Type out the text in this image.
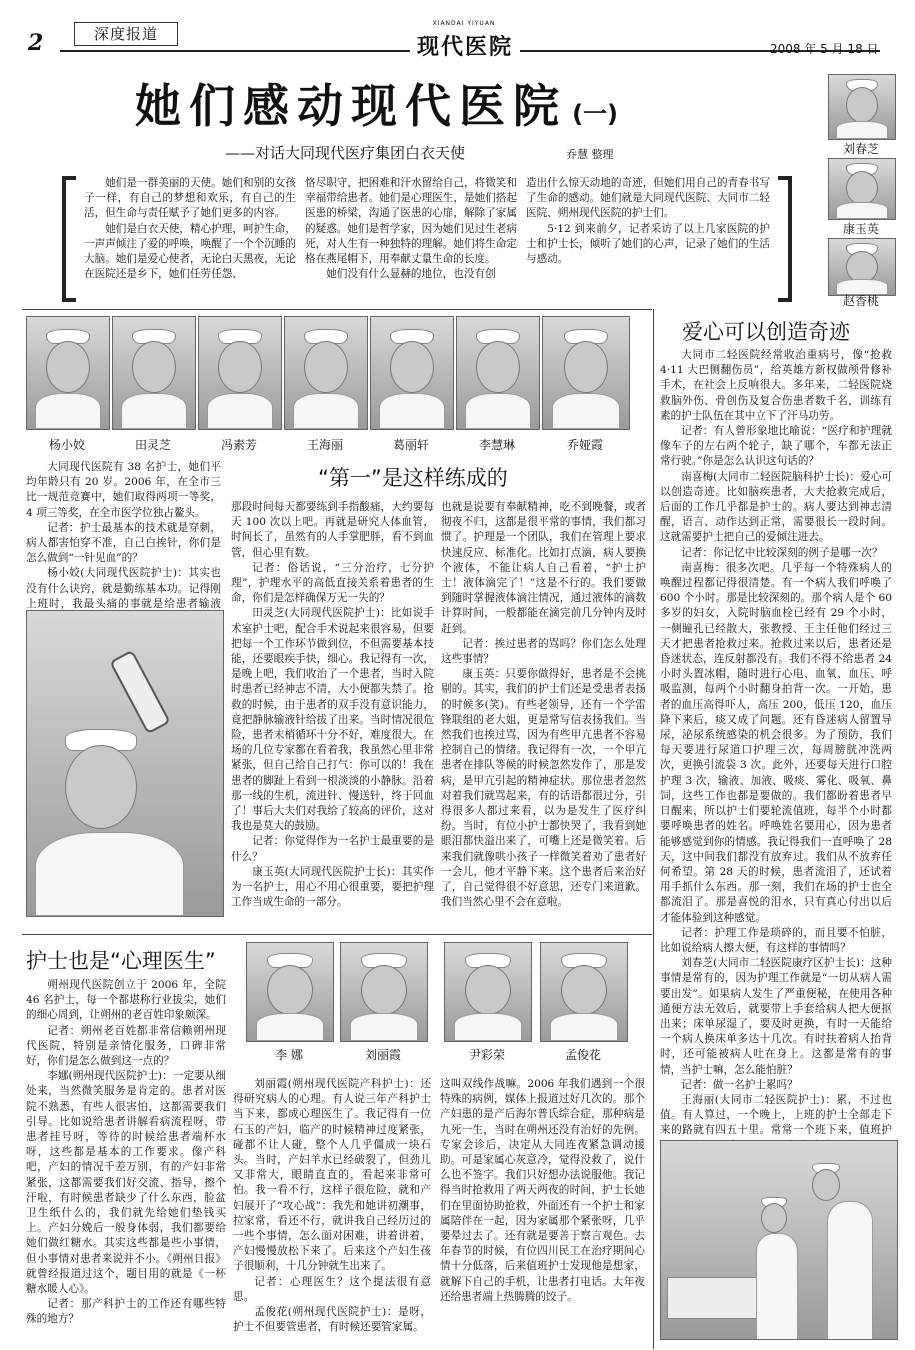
2	深度报道
XIANDAI YIYUAN
现代医院	2008 年 5 月 18 日
她们感动现代医院 (一)
——对话大同现代医疗集团白衣天使	乔慧 整理

她们是一群美丽的天使。她们和别的女孩子一样，有自己的梦想和欢乐，有自己的生活，但生命与责任赋予了她们更多的内容。

她们是白衣天使，精心护理，呵护生命，一声声倾注了爱的呼唤，唤醒了一个个沉睡的大脑。她们是爱心使者，无论白天黑夜，无论在医院还是乡下，她们任劳任怨、

恪尽职守，把困难和汗水留给自己，将微笑和幸福带给患者。她们是心理医生，是她们搭起医患的桥梁，沟通了医患的心扉，解除了家属的疑惑。她们是哲学家，因为她们见过生老病死，对人生有一种独特的理解。她们将生命定格在燕尾帽下，用奉献丈量生命的长度。

她们没有什么显赫的地位，也没有创

造出什么惊天动地的奇迹，但她们用自己的青春书写了生命的感动。她们就是大同现代医院、大同市二轻医院、朔州现代医院的护士们。

5·12 到来前夕，记者采访了以上几家医院的护士和护士长，倾听了她们的心声，记录了她们的生活与感动。

刘春芝
康玉英
赵香桃
杨小姣	田灵芝	冯素芳	王海丽	葛丽轩	李慧琳	乔娅霞
“第一”是这样练成的

大同现代医院有 38 名护士，她们平均年龄只有 20 岁。2006 年，在全市三比一规范竞赛中，她们取得两项一等奖，4 项三等奖，在全市医学位独占鳌头。

记者：护士最基本的技术就是穿刺，病人都害怕穿不准，自己白挨针，你们是怎么做到“一针见血”的？

杨小姣(大同现代医院护士)：其实也没有什么诀窍，就是勤练基本功。记得刚上班时，我最头痛的事就是给患者输液

那段时间每天都要练到手指酸痛，大约要每天 100 次以上吧。再就是研究人体血管，时间长了，虽然有的人手掌肥胖，看不到血管，但心里有数。

记者：俗话说，“三分治疗，七分护理”，护理水平的高低直接关系着患者的生命，你们是怎样确保万无一失的？

田灵芝(大同现代医院护士)：比如说手术室护士吧，配合手术说起来很容易，但要把每一个工作环节做到位，不但需要基本技能，还要眼疾手快，细心。我记得有一次，是晚上吧，我们收治了一个患者，当时入院时患者已经神志不清，大小便都失禁了。抢救的时候，由于患者的双手没有意识能力，竟把静脉输液针给拔了出来。当时情况很危险，患者末梢循环十分不好，难度很大。在场的几位专家都在看着我，我虽然心里非常紧张，但自己给自己打气：你可以的！我在患者的脚趾上看到一根淡淡的小静脉。沿着那一线的生机，流进针、慢送针，终于回血了！事后大夫们对我给了较高的评价，这对我也是莫大的鼓励。

记者：你觉得作为一名护士最重要的是什么？

康玉英(大同现代医院护士长)：其实作为一名护士，用心不用心很重要，要把护理工作当成生命的一部分。

也就是说要有奉献精神，吃不到晚餐，或者彻夜不归，这都是很平常的事情，我们都习惯了。护理是一个团队，我们在管理上要求快速反应、标准化。比如打点滴，病人要换个液体，不能让病人自己看着，“护士护士！液体滴完了！”这是不行的。我们要做到随时掌握液体滴注情况，通过液体的滴数计算时间，一般都能在滴完前几分钟内及时赶到。

记者：挨过患者的骂吗？你们怎么处理这些事情？

康玉英：只要你做得好，患者是不会挑剔的。其实，我们的护士们还是受患者表扬的时候多(笑)。有些老领导，还有一个学雷锋联组的老大姐，更是常写信表扬我们。当然我们也挨过骂，因为有些甲亢患者不容易控制自己的情绪。我记得有一次，一个甲亢患者在排队等候的时候忽然发作了，那是发病，是甲亢引起的精神症状。那位患者忽然对着我们就骂起来，有的话语都很过分，引得很多人都过来看，以为是发生了医疗纠纷。当时，有位小护士都快哭了，我看到她眼泪都快溢出来了，可嘴上还是微笑着。后来我们就像哄小孩子一样微笑着劝了患者好一会儿，他才平静下来。这个患者后来治好了，自己觉得很不好意思，还专门来道歉。我们当然心里不会在意啦。

爱心可以创造奇迹

大同市二轻医院经常收治重病号，像“抢救 4·11 大巴侧翻伤员”，给英雄方新权做颅骨修补手术，在社会上反响很大。多年来，二轻医院烧救脑外伤、骨创伤及复合伤患者数千名，训练有素的护士队伍在其中立下了汗马功劳。

记者：有人曾形象地比喻说：“医疗和护理就像车子的左右两个轮子，缺了哪个，车都无法正常行驶。”你是怎么认识这句话的？

南喜梅(大同市二轻医院脑科护士长)：爱心可以创造奇迹。比如脑疾患者，大夫抢救完成后，后面的工作几乎都是护士的。病人要达到神志清醒，语言、动作达到正常，需要很长一段时间。这就需要护士把自己的爱倾注进去。

记者：你记忆中比较深刻的例子是哪一次？

南喜梅：很多次吧。几乎每一个特殊病人的唤醒过程都记得很清楚。有一个病人我们呼唤了 600 个小时。那是比较深刻的。那个病人是个 60 多岁的妇女，入院时脑血栓已经有 29 个小时，一侧瞳孔已经散大，张教授、王主任他们经过三天才把患者抢救过来。抢救过来以后，患者还是昏迷状态，连反射都没有。我们不得不给患者 24 小时头置冰帽，随时进行心电、血氧、血压、呼吸监测，每两个小时翻身拍背一次。一开始，患者的血压高得吓人，高压 200，低压 120，血压降下来后，痰又成了问题。还有昏迷病人留置导尿，泌尿系统感染的机会很多。为了预防，我们每天要进行尿道口护理三次，每周膀胱冲洗两次，更换引流袋 3 次。此外，还要每天进行口腔护理 3 次，输液、加液、吸痰、雾化、吸氧、鼻饲，这些工作也都是要做的。我们都盼着患者早日醒来，所以护士们要轮流值班，每半个小时都要呼唤患者的姓名。呼唤姓名要用心，因为患者能够感觉到你的情感。我记得我们一直呼唤了 28 天，这中间我们都没有放弃过。我们从不放弃任何希望。第 28 天的时候，患者流泪了，还试着用手抓什么东西。那一刻，我们在场的护士也全都流泪了。那是喜悦的泪水，只有真心付出以后才能体验到这种感觉。

记者：护理工作是琐碎的，而且要不怕脏，比如说给病人擦大便，有这样的事情吗？

刘春芝(大同市二轻医院康疗区护士长)：这种事情是常有的，因为护理工作就是“一切从病人需要出发”。如果病人发生了严重便秘，在使用各种通便方法无效后，就要带上手套给病人把大便抠出来；床单尿湿了，要及时更换，有时一天能给一个病人换床单多达十几次。有时扶着病人抬背时，还可能被病人吐在身上。这都是常有的事情，当护士嘛，怎么能怕脏？

记者：做一名护士累吗？

王海丽(大同市二轻医院护士)：累，不过也值。有人算过，一个晚上，上班的护士全部走下来的路就有四五十里。常常一个班下来，值班护

护士也是“心理医生”
李 娜	刘丽霞	尹彩荣	孟俊花

朔州现代医院创立于 2006 年，全院 46 名护士，每一个都堪称行业拔尖，她们的细心周到，让朔州的老百姓印象颇深。

记者：朔州老百姓都非常信赖朔州现代医院，特别是亲情化服务，口碑非常好，你们是怎么做到这一点的？

李娜(朔州现代医院护士)：一定要从细处来，当然微笑服务是肯定的。患者对医院不熟悉，有些人很害怕，这都需要我们引导。比如说给患者讲解看病流程呀，带患者挂号呀，等待的时候给患者端杯水呀，这些都是基本的工作要求。像产科吧，产妇的情况千差万别，有的产妇非常紧张，这都需要我们好交流、指导，擦个汗啦，有时候患者缺少了什么东西，脸盆卫生纸什么的，我们就先给她们垫钱买上。产妇分娩后一般身体弱，我们都要给她们做红糖水。其实这些都是些小事情，但小事情对患者来说并不小。《朔州日报》就曾经报道过这个，题目用的就是《一杯糖水暖人心》。

记者：那产科护士的工作还有哪些特殊的地方？

刘丽霞(朔州现代医院产科护士)：还得研究病人的心理。有人说三年产科护士当下来，都成心理医生了。我记得有一位石玉的产妇，临产的时候精神过度紧张，碰都不让人碰，整个人几乎僵成一块石头。当时，产妇羊水已经破裂了，但劲儿又非常大，眼睛直直的，看起来非常可怕。我一看不行，这样子很危险，就和产妇展开了“攻心战”：我先和她讲初潮事，拉家常，看还不行，就讲我自己经历过的一些个事情，怎么面对困难，讲着讲着，产妇慢慢放松下来了。后来这个产妇生孩子很顺利，十几分钟就生出来了。

记者：心理医生？这个提法很有意思。

孟俊花(朔州现代医院护士)：是呀，护士不但要管患者，有时候还要管家属。

这叫双线作战嘛。2006 年我们遇到一个很特殊的病例，媒体上报道过好几次的。那个产妇患的是产后海尔普氏综合症，那种病是九死一生，当时在朔州还没有治好的先例。专家会诊后，决定从大同连夜紧急调动援助。可是家属心灰意冷，觉得没救了，说什么也不签字。我们只好想办法说服他。我记得当时抢救用了两天两夜的时间，护士长她们在里面协助抢救，外面还有一个护士和家属陪伴在一起，因为家属那个紧张呀，几乎要晕过去了。还有就是要善于察言观色。去年春节的时候，有位四川民工在治疗期间心情十分低落，后来值班护士发现他是想家，就解下自己的手机，让患者打电话。大年夜还给患者端上热腾腾的饺子。
